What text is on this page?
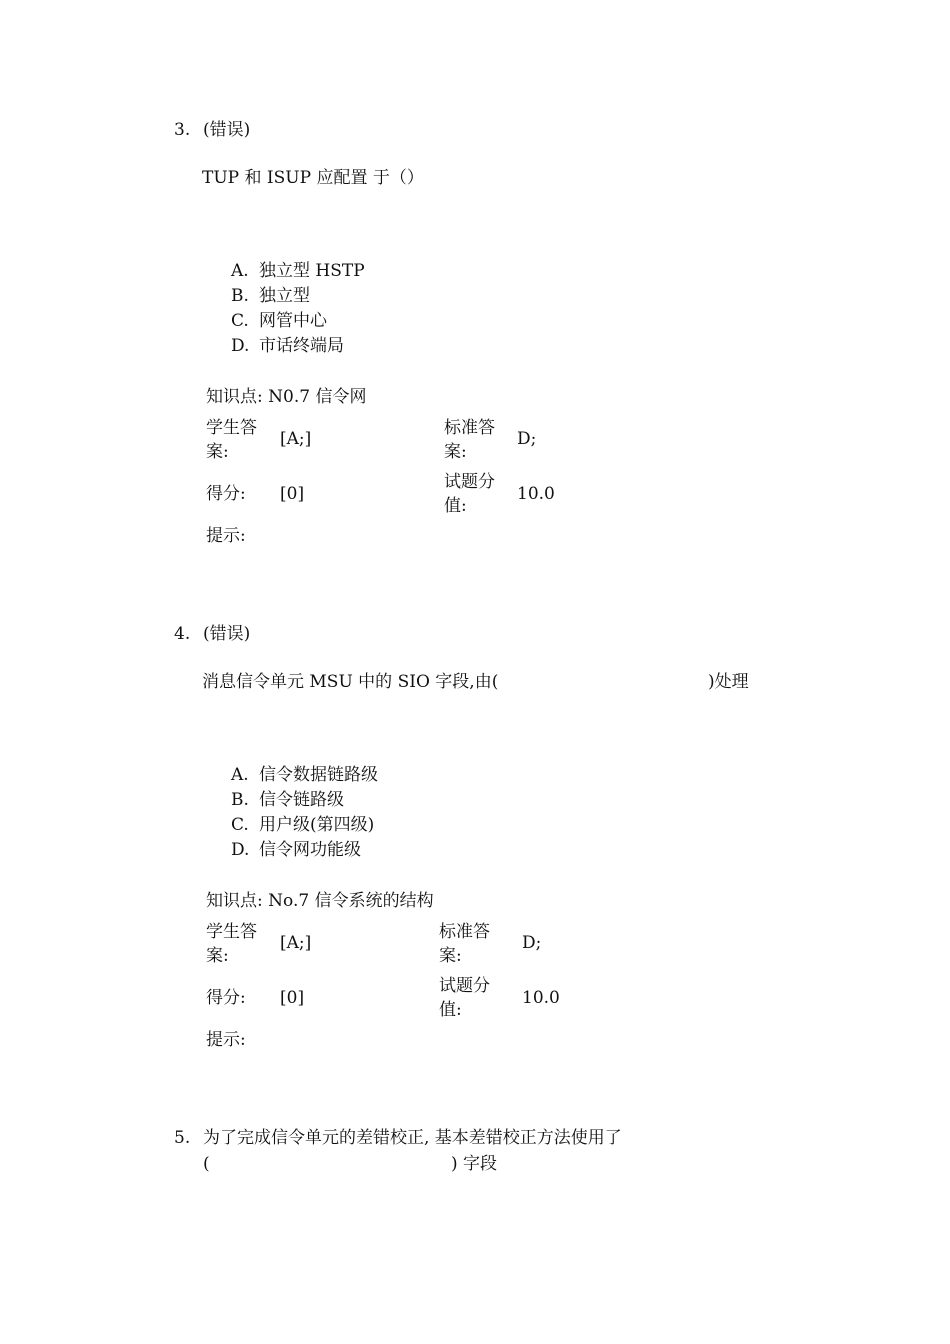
3. (错误)
TUP 和 ISUP 应配置 于（）
A. 独立型 HSTP
B. 独立型
C. 网管中心
D. 市话终端局
知识点: N0.7 信令网
学生答案:
[A;]
标准答案:
D;
得分: [0]
试题分值:
10.0
提示:
4. (错误)
消息信令单元 MSU 中的 SIO 字段,由(	)处理
A. 信令数据链路级
B. 信令链路级
C. 用户级(第四级)
D. 信令网功能级
知识点: No.7 信令系统的结构
学生答案:
[A;]
标准答案:
D;
得分: [0]
试题分值:
10.0
提示:
5. 为了完成信令单元的差错校正, 基本差错校正方法使用了
(	) 字段
